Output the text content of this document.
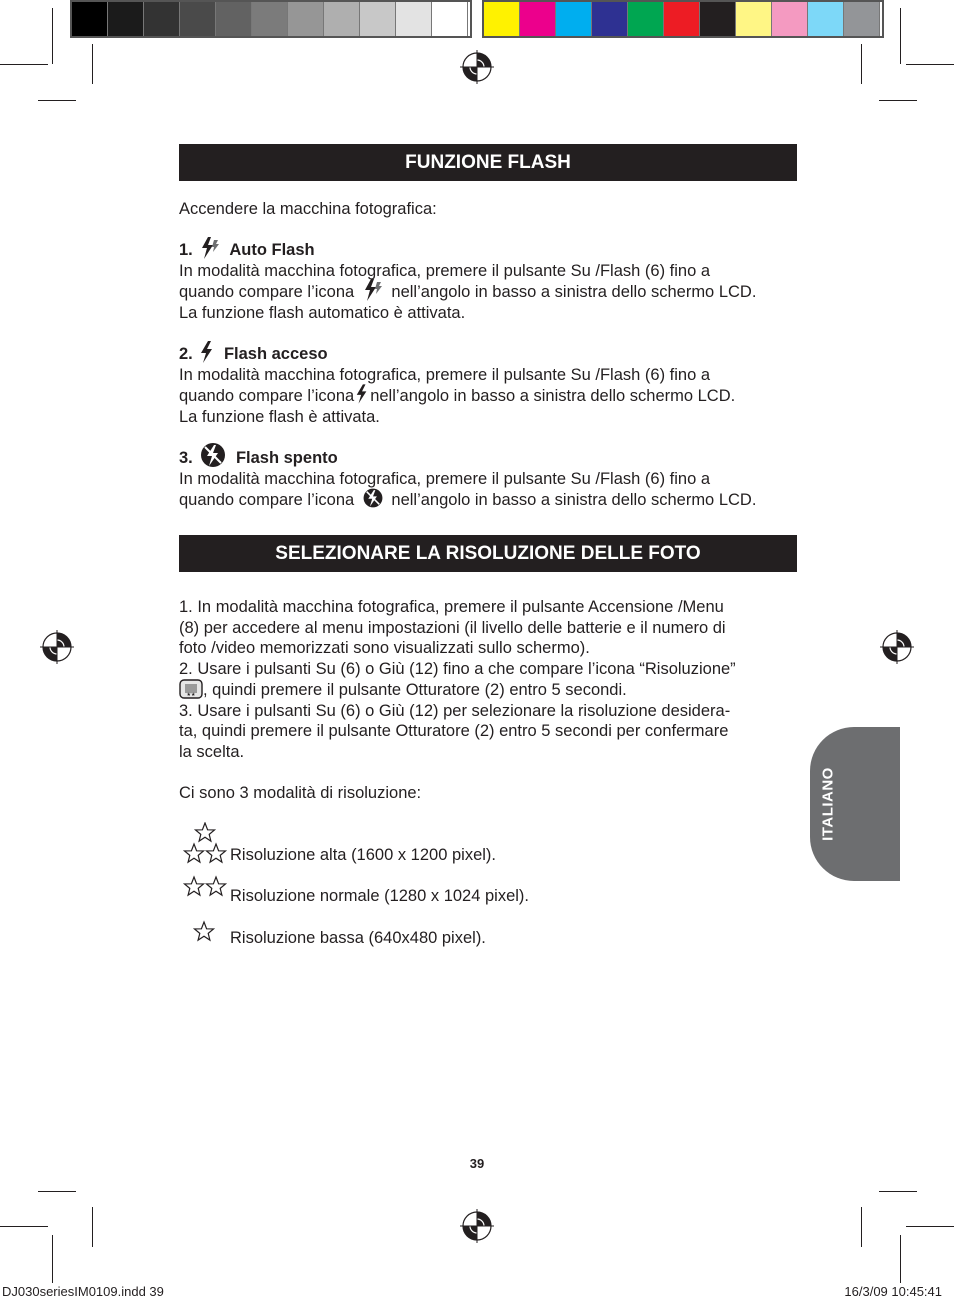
FUNZIONE FLASH
Accendere la macchina fotografica:
1. Auto Flash
In modalità macchina fotografica, premere il pulsante Su /Flash (6) fino a
quando compare l’icona nell’angolo in basso a sinistra dello schermo LCD.
La funzione flash automatico è attivata.
2. Flash acceso
In modalità macchina fotografica, premere il pulsante Su /Flash (6) fino a
quando compare l’icona nell’angolo in basso a sinistra dello schermo LCD.
La funzione flash è attivata.
3.	Flash spento
In modalità macchina fotografica, premere il pulsante Su /Flash (6) fino a
quando compare l’icona nell’angolo in basso a sinistra dello schermo LCD.
SELEZIONARE LA RISOLUZIONE DELLE FOTO
1. In modalità macchina fotografica, premere il pulsante Accensione /Menu
(8) per accedere al menu impostazioni (il livello delle batterie e il numero di
foto /video memorizzati sono visualizzati sullo schermo).
2. Usare i pulsanti Su (6) o Giù (12) fino a che compare l’icona “Risoluzione”
★★ , quindi premere il pulsante Otturatore (2) entro 5 secondi.
3. Usare i pulsanti Su (6) o Giù (12) per selezionare la risoluzione desidera-
ta, quindi premere il pulsante Otturatore (2) entro 5 secondi per confermare
la scelta.
Ci sono 3 modalità di risoluzione:
Risoluzione alta (1600 x 1200 pixel).
Risoluzione normale (1280 x 1024 pixel).
Risoluzione bassa (640x480 pixel).
ITALIANO
39
DJ030seriesIM0109.indd 39	16/3/09 10:45:41
